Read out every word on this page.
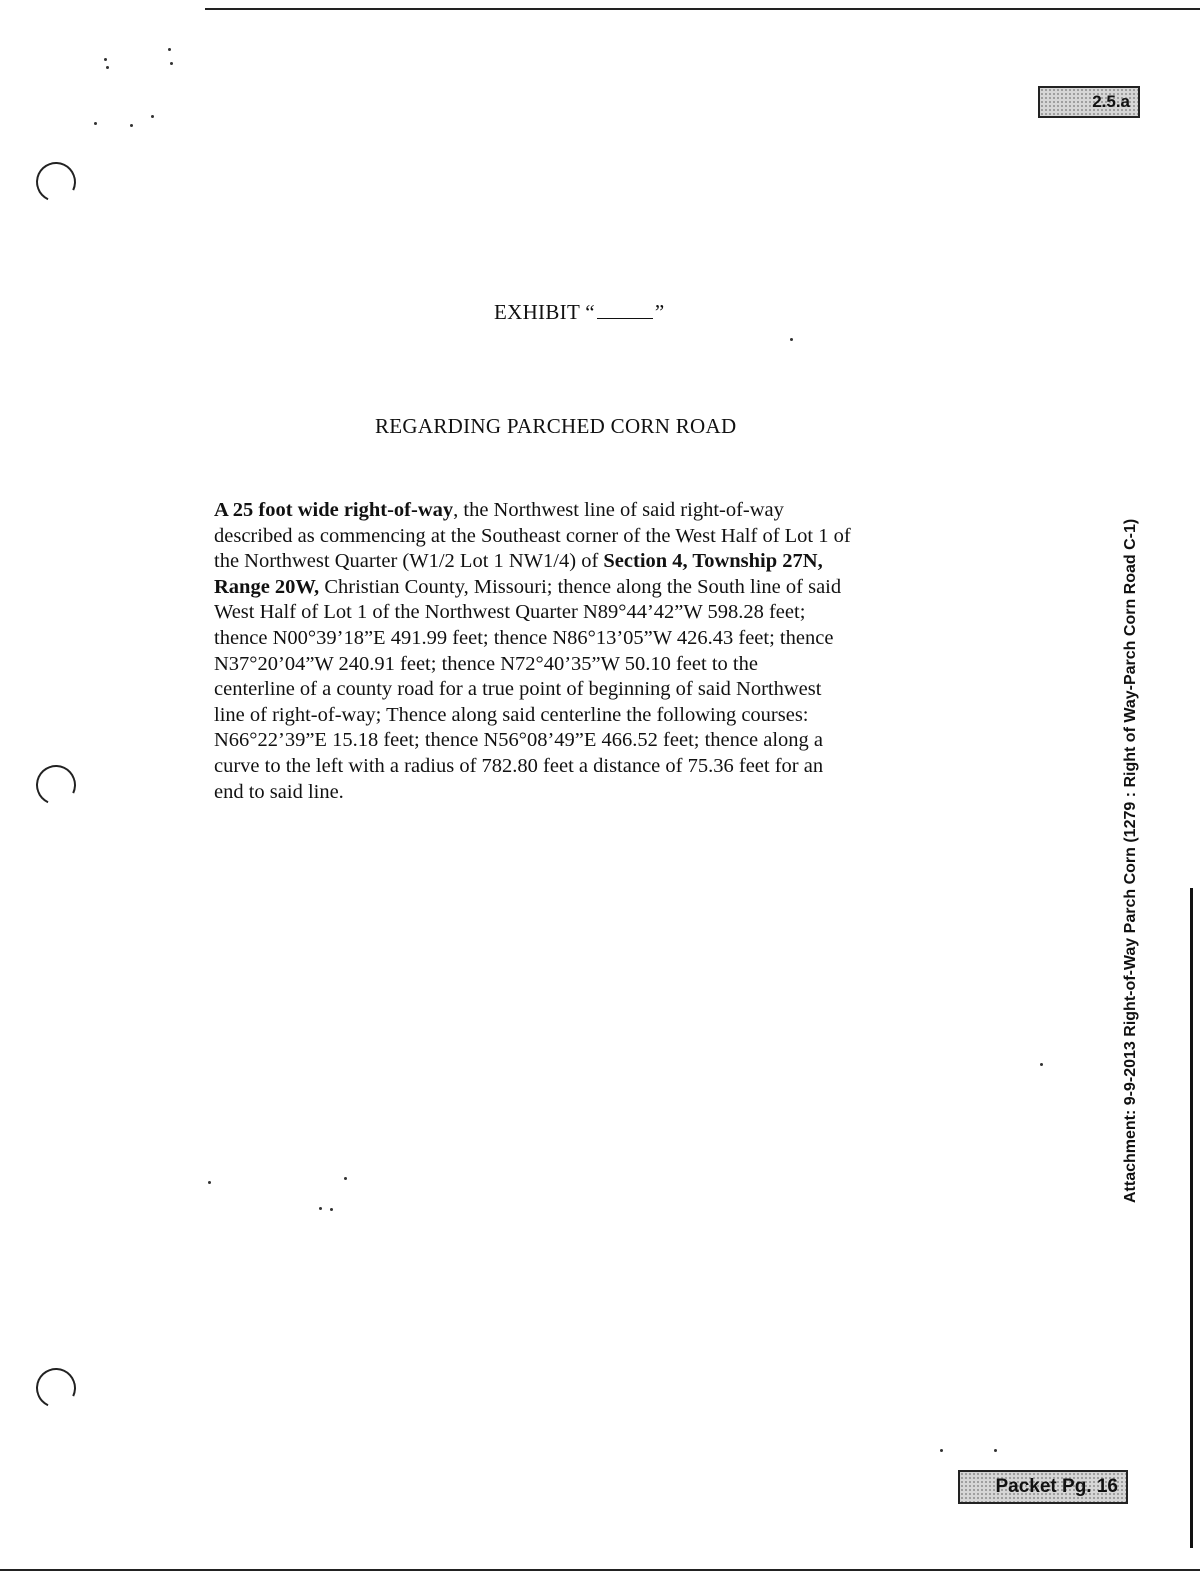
2.5.a
EXHIBIT “	”
REGARDING PARCHED CORN ROAD
A 25 foot wide right-of-way, the Northwest line of said right-of-way
described as commencing at the Southeast corner of the West Half of Lot 1 of
the Northwest Quarter (W1/2 Lot 1 NW1/4) of Section 4, Township 27N,
Range 20W, Christian County, Missouri; thence along the South line of said
West Half of Lot 1 of the Northwest Quarter N89°44’42”W 598.28 feet;
thence N00°39’18”E 491.99 feet; thence N86°13’05”W 426.43 feet; thence
N37°20’04”W 240.91 feet; thence N72°40’35”W 50.10 feet to the
centerline of a county road for a true point of beginning of said Northwest
line of right-of-way; Thence along said centerline the following courses:
N66°22’39”E 15.18 feet; thence N56°08’49”E 466.52 feet; thence along a
curve to the left with a radius of 782.80 feet a distance of 75.36 feet for an
end to said line.	Attachment: 9-9-2013 Right-of-Way Parch Corn (1279 : Right of Way-Parch Corn Road C-1)
Packet Pg. 16
